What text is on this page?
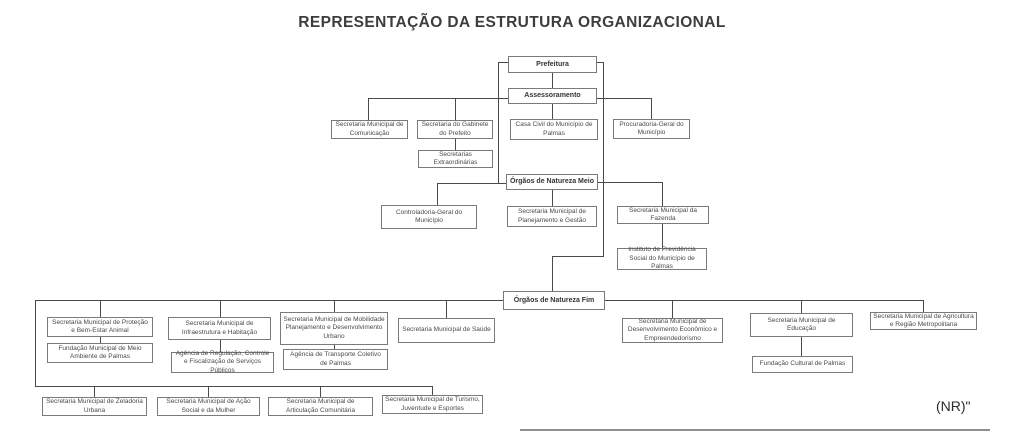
REPRESENTAÇÃO DA ESTRUTURA ORGANIZACIONAL
Prefeitura
Assessoramento
Secretaria Municipal de Comunicação
Secretaria do Gabinete do Prefeito
Casa Civil do Município de Palmas
Procuradoria-Geral do Município
Secretarias Extraordinárias
Órgãos de Natureza Meio
Controladoria-Geral do Município
Secretaria Municipal de Planejamento e Gestão
Secretaria Municipal da Fazenda
Instituto de Previdência Social do Município de Palmas
Órgãos de Natureza Fim
Secretaria Municipal de Proteção e Bem-Estar Animal
Fundação Municipal de Meio Ambiente de Palmas
Secretaria Municipal de Infraestrutura e Habitação
Agência de Regulação, Controle e Fiscalização de Serviços Públicos
Secretaria Municipal de Mobilidade Planejamento e Desenvolvimento Urbano
Agência de Transporte Coletivo de Palmas
Secretaria Municipal de Saúde
Secretaria Municipal de Desenvolvimento Econômico e Empreendedorismo
Secretaria Municipal de Educação
Fundação Cultural de Palmas
Secretaria Municipal de Agricultura e Região Metropolitana
Secretaria Municipal de Zeladoria Urbana
Secretaria Municipal de Ação Social e da Mulher
Secretaria Municipal de Articulação Comunitária
Secretaria Municipal de Turismo, Juventude e Esportes	(NR)"
